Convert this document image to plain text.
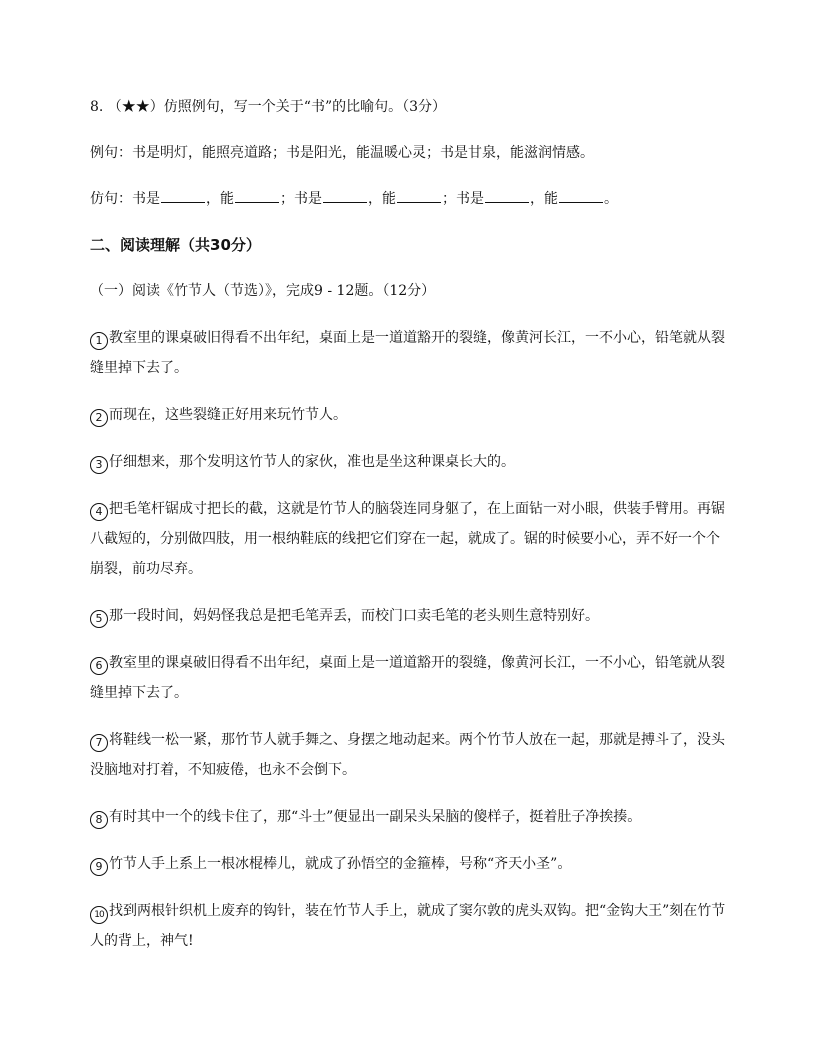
8. （★★）仿照例句，写一个关于“书”的比喻句。（3分）

例句：书是明灯，能照亮道路；书是阳光，能温暖心灵；书是甘泉，能滋润情感。

仿句：书是	，能	；书是	，能	；书是	，能	。

二、阅读理解（共30分）

（一）阅读《竹节人（节选）》，完成9 - 12题。（12分）

1 教室里的课桌破旧得看不出年纪，桌面上是一道道豁开的裂缝，像黄河长江，一不小心，铅笔就从裂缝里掉下去了。

2 而现在，这些裂缝正好用来玩竹节人。

3 仔细想来，那个发明这竹节人的家伙，准也是坐这种课桌长大的。

4 把毛笔杆锯成寸把长的截，这就是竹节人的脑袋连同身躯了，在上面钻一对小眼，供装手臂用。再锯八截短的，分别做四肢，用一根纳鞋底的线把它们穿在一起，就成了。锯的时候要小心，弄不好一个个崩裂，前功尽弃。

5 那一段时间，妈妈怪我总是把毛笔弄丢，而校门口卖毛笔的老头则生意特别好。

6 教室里的课桌破旧得看不出年纪，桌面上是一道道豁开的裂缝，像黄河长江，一不小心，铅笔就从裂缝里掉下去了。

7 将鞋线一松一紧，那竹节人就手舞之、身摆之地动起来。两个竹节人放在一起，那就是搏斗了，没头没脑地对打着，不知疲倦，也永不会倒下。

8 有时其中一个的线卡住了，那“斗士”便显出一副呆头呆脑的傻样子，挺着肚子净挨揍。

9 竹节人手上系上一根冰棍棒儿，就成了孙悟空的金箍棒，号称“齐天小圣”。

10 找到两根针织机上废弃的钩针，装在竹节人手上，就成了窦尔敦的虎头双钩。把“金钩大王”刻在竹节人的背上，神气!
